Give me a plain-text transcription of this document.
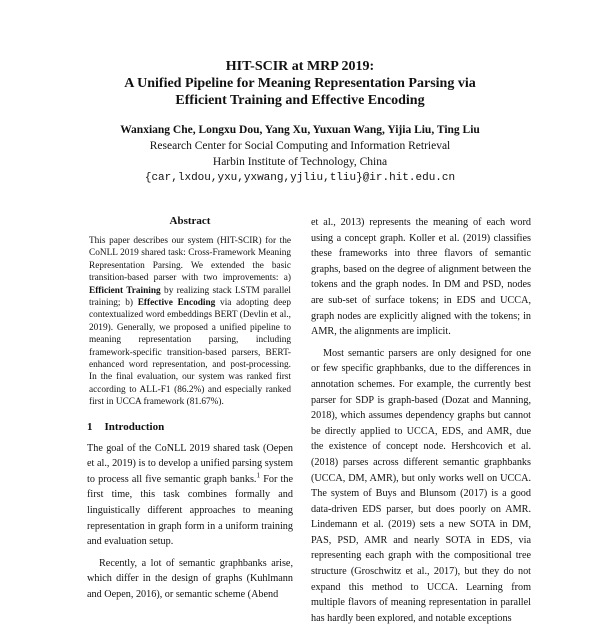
HIT-SCIR at MRP 2019:
A Unified Pipeline for Meaning Representation Parsing via
Efficient Training and Effective Encoding
Wanxiang Che, Longxu Dou, Yang Xu, Yuxuan Wang, Yijia Liu, Ting Liu
Research Center for Social Computing and Information Retrieval
Harbin Institute of Technology, China
{car,lxdou,yxu,yxwang,yjliu,tliu}@ir.hit.edu.cn
Abstract

This paper describes our system (HIT-SCIR) for the CoNLL 2019 shared task: Cross-Framework Meaning Representation Parsing. We extended the basic transition-based parser with two improvements: a) Efficient Training by realizing stack LSTM parallel training; b) Effective Encoding via adopting deep contextualized word embeddings BERT (Devlin et al., 2019). Generally, we proposed a unified pipeline to meaning representation parsing, including framework-specific transition-based parsers, BERT-enhanced word representation, and post-processing. In the final evaluation, our system was ranked first according to ALL-F1 (86.2%) and especially ranked first in UCCA framework (81.67%).

1 Introduction

The goal of the CoNLL 2019 shared task (Oepen et al., 2019) is to develop a unified parsing system to process all five semantic graph banks.$^1$ For the first time, this task combines formally and linguistically different approaches to meaning representation in graph form in a uniform training and evaluation setup.

Recently, a lot of semantic graphbanks arise, which differ in the design of graphs (Kuhlmann and Oepen, 2016), or semantic scheme (Abend

et al., 2013) represents the meaning of each word using a concept graph. Koller et al. (2019) classifies these frameworks into three flavors of semantic graphs, based on the degree of alignment between the tokens and the graph nodes. In DM and PSD, nodes are sub-set of surface tokens; in EDS and UCCA, graph nodes are explicitly aligned with the tokens; in AMR, the alignments are implicit.

Most semantic parsers are only designed for one or few specific graphbanks, due to the differences in annotation schemes. For example, the currently best parser for SDP is graph-based (Dozat and Manning, 2018), which assumes dependency graphs but cannot be directly applied to UCCA, EDS, and AMR, due the existence of concept node. Hershcovich et al. (2018) parses across different semantic graphbanks (UCCA, DM, AMR), but only works well on UCCA. The system of Buys and Blunsom (2017) is a good data-driven EDS parser, but does poorly on AMR. Lindemann et al. (2019) sets a new SOTA in DM, PAS, PSD, AMR and nearly SOTA in EDS, via representing each graph with the compositional tree structure (Groschwitz et al., 2017), but they do not expand this method to UCCA. Learning from multiple flavors of meaning representation in parallel has hardly been explored, and notable exceptions
